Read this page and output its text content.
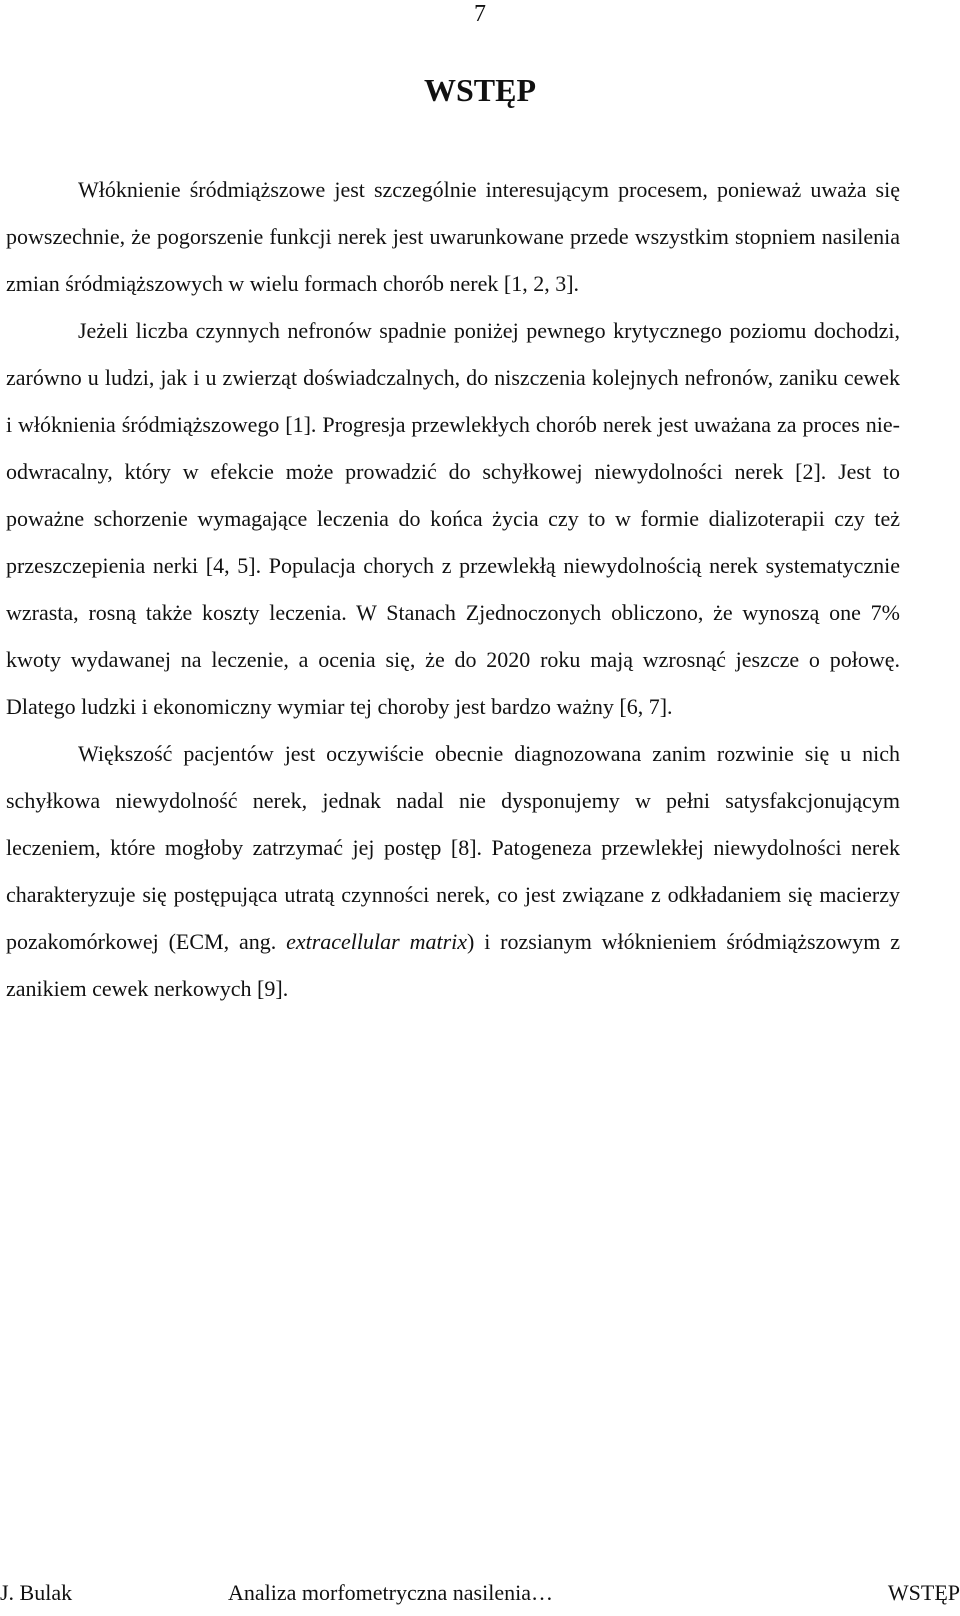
7
WSTĘP

Włóknienie śródmiąższowe jest szczególnie interesującym procesem, ponieważ uważa się powszechnie, że pogorszenie funkcji nerek jest uwarunkowane przede wszystkim stopniem nasilenia zmian śródmiąższowych w wielu formach chorób nerek [1, 2, 3].

Jeżeli liczba czynnych nefronów spadnie poniżej pewnego krytycznego poziomu dochodzi, zarówno u ludzi, jak i u zwierząt doświadczalnych, do niszczenia kolejnych nefronów, zaniku cewek i włóknienia śródmiąższowego [1]. Progresja przewlekłych chorób nerek jest uważana za proces nie-odwracalny, który w efekcie może prowadzić do schyłkowej niewydolności nerek [2]. Jest to poważne schorzenie wymagające leczenia do końca życia czy to w formie dializoterapii czy też przeszczepienia nerki [4, 5]. Populacja chorych z przewlekłą niewydolnością nerek systematycznie wzrasta, rosną także koszty leczenia. W Stanach Zjednoczonych obliczono, że wynoszą one 7% kwoty wydawanej na leczenie, a ocenia się, że do 2020 roku mają wzrosnąć jeszcze o połowę. Dlatego ludzki i ekonomiczny wymiar tej choroby jest bardzo ważny [6, 7].

Większość pacjentów jest oczywiście obecnie diagnozowana zanim rozwinie się u nich schyłkowa niewydolność nerek, jednak nadal nie dysponujemy w pełni satysfakcjonującym leczeniem, które mogłoby zatrzymać jej postęp [8]. Patogeneza przewlekłej niewydolności nerek charakteryzuje się postępująca utratą czynności nerek, co jest związane z odkładaniem się macierzy pozakomórkowej (ECM, ang. extracellular matrix) i rozsianym włóknieniem śródmiąższowym z zanikiem cewek nerkowych [9].

J. Bulak	Analiza morfometryczna nasilenia…	WSTĘP
